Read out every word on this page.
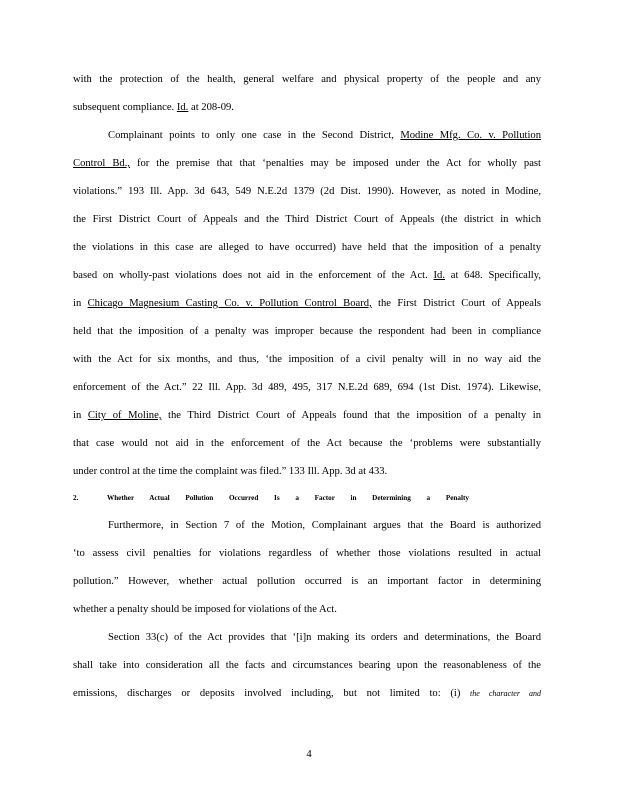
with the protection of the health, general welfare and physical property of the people and any
subsequent compliance. Id. at 208-09.
Complainant points to only one case in the Second District, Modine Mfg. Co. v. Pollution
Control Bd., for the premise that that ‘penalties may be imposed under the Act for wholly past
violations.” 193 Ill. App. 3d 643, 549 N.E.2d 1379 (2d Dist. 1990). However, as noted in Modine,
the First District Court of Appeals and the Third District Court of Appeals (the district in which
the violations in this case are alleged to have occurred) have held that the imposition of a penalty
based on wholly-past violations does not aid in the enforcement of the Act. Id. at 648. Specifically,
in Chicago Magnesium Casting Co. v. Pollution Control Board, the First District Court of Appeals
held that the imposition of a penalty was improper because the respondent had been in compliance
with the Act for six months, and thus, ‘the imposition of a civil penalty will in no way aid the
enforcement of the Act.” 22 Ill. App. 3d 489, 495, 317 N.E.2d 689, 694 (1st Dist. 1974). Likewise,
in City of Moline, the Third District Court of Appeals found that the imposition of a penalty in
that case would not aid in the enforcement of the Act because the ‘problems were substantially
under control at the time the complaint was filed.” 133 Ill. App. 3d at 433.
2.	Whether Actual Pollution Occurred Is a Factor in Determining a Penalty
Furthermore, in Section 7 of the Motion, Complainant argues that the Board is authorized
‘to assess civil penalties for violations regardless of whether those violations resulted in actual
pollution.” However, whether actual pollution occurred is an important factor in determining
whether a penalty should be imposed for violations of the Act.
Section 33(c) of the Act provides that ‘[i]n making its orders and determinations, the Board
shall take into consideration all the facts and circumstances bearing upon the reasonableness of the
emissions, discharges or deposits involved including, but not limited to: (i) the character and
4
